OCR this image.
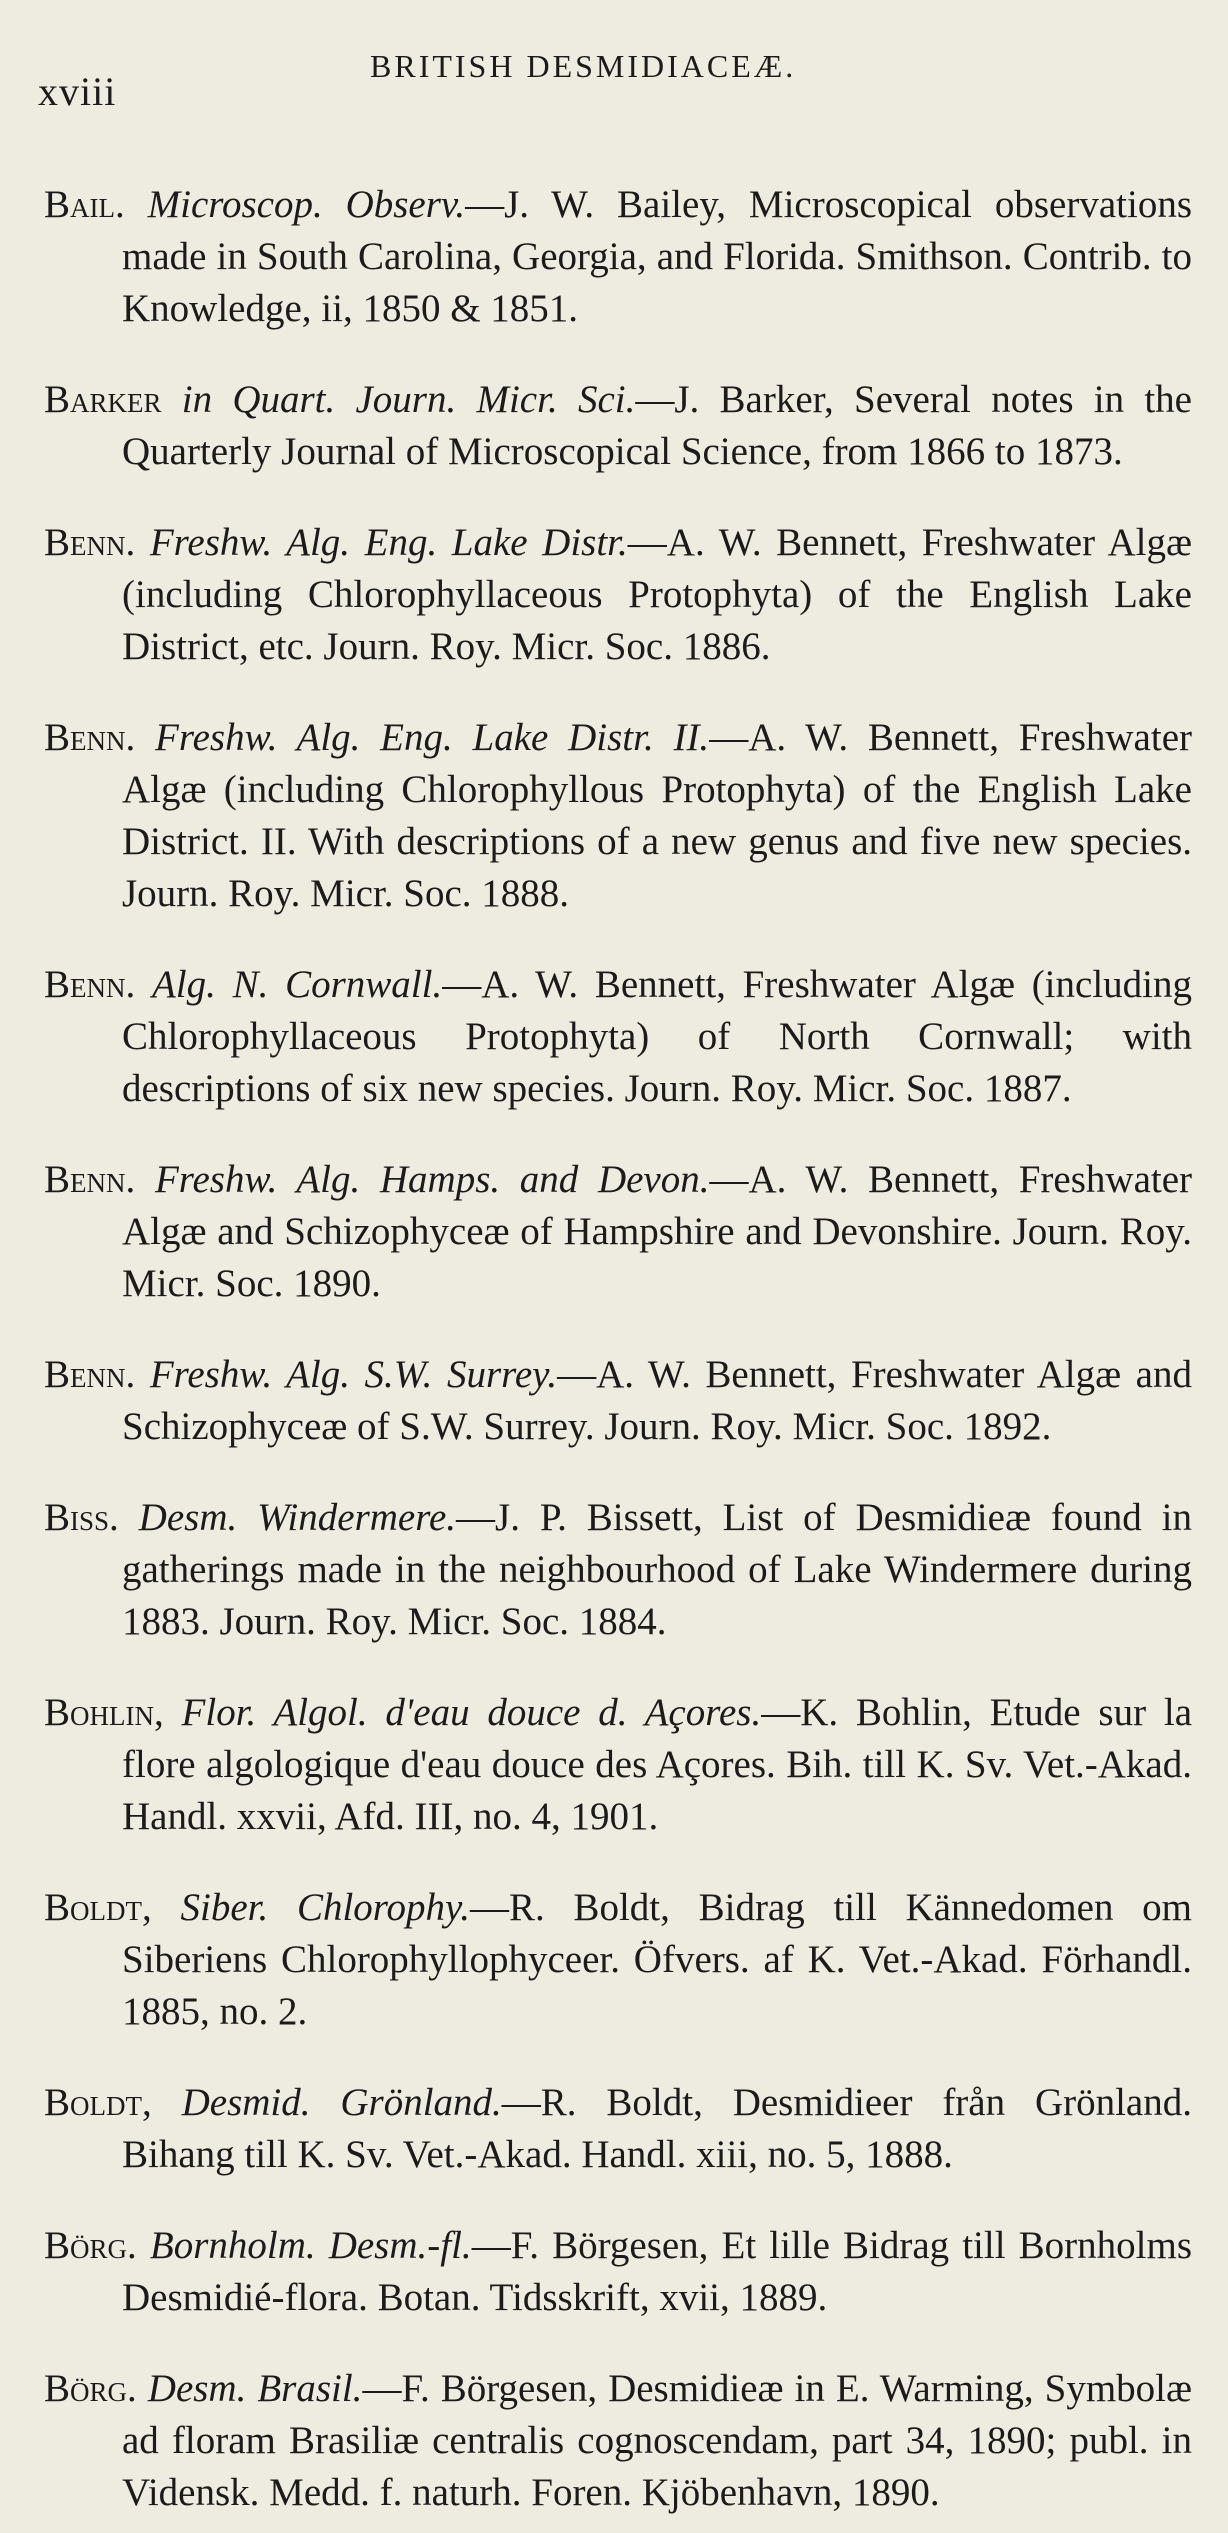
xviii
BRITISH DESMIDIACEÆ.

Bail. Microscop. Observ.—J. W. Bailey, Microscopical observations made in South Carolina, Georgia, and Florida. Smithson. Contrib. to Knowledge, ii, 1850 & 1851.

Barker in Quart. Journ. Micr. Sci.—J. Barker, Several notes in the Quarterly Journal of Microscopical Science, from 1866 to 1873.

Benn. Freshw. Alg. Eng. Lake Distr.—A. W. Bennett, Freshwater Algæ (including Chlorophyllaceous Protophyta) of the English Lake District, etc. Journ. Roy. Micr. Soc. 1886.

Benn. Freshw. Alg. Eng. Lake Distr. II.—A. W. Bennett, Freshwater Algæ (including Chlorophyllous Protophyta) of the English Lake District. II. With descriptions of a new genus and five new species. Journ. Roy. Micr. Soc. 1888.

Benn. Alg. N. Cornwall.—A. W. Bennett, Freshwater Algæ (including Chlorophyllaceous Protophyta) of North Cornwall; with descriptions of six new species. Journ. Roy. Micr. Soc. 1887.

Benn. Freshw. Alg. Hamps. and Devon.—A. W. Bennett, Freshwater Algæ and Schizophyceæ of Hampshire and Devonshire. Journ. Roy. Micr. Soc. 1890.

Benn. Freshw. Alg. S.W. Surrey.—A. W. Bennett, Freshwater Algæ and Schizophyceæ of S.W. Surrey. Journ. Roy. Micr. Soc. 1892.

Biss. Desm. Windermere.—J. P. Bissett, List of Desmidieæ found in gatherings made in the neighbourhood of Lake Windermere during 1883. Journ. Roy. Micr. Soc. 1884.

Bohlin, Flor. Algol. d'eau douce d. Açores.—K. Bohlin, Etude sur la flore algologique d'eau douce des Açores. Bih. till K. Sv. Vet.-Akad. Handl. xxvii, Afd. III, no. 4, 1901.

Boldt, Siber. Chlorophy.—R. Boldt, Bidrag till Kännedomen om Siberiens Chlorophyllophyceer. Öfvers. af K. Vet.-Akad. Förhandl. 1885, no. 2.

Boldt, Desmid. Grönland.—R. Boldt, Desmidieer från Grönland. Bihang till K. Sv. Vet.-Akad. Handl. xiii, no. 5, 1888.

Börg. Bornholm. Desm.-fl.—F. Börgesen, Et lille Bidrag till Bornholms Desmidié-flora. Botan. Tidsskrift, xvii, 1889.

Börg. Desm. Brasil.—F. Börgesen, Desmidieæ in E. Warming, Symbolæ ad floram Brasiliæ centralis cognoscendam, part 34, 1890; publ. in Vidensk. Medd. f. naturh. Foren. Kjöbenhavn, 1890.
